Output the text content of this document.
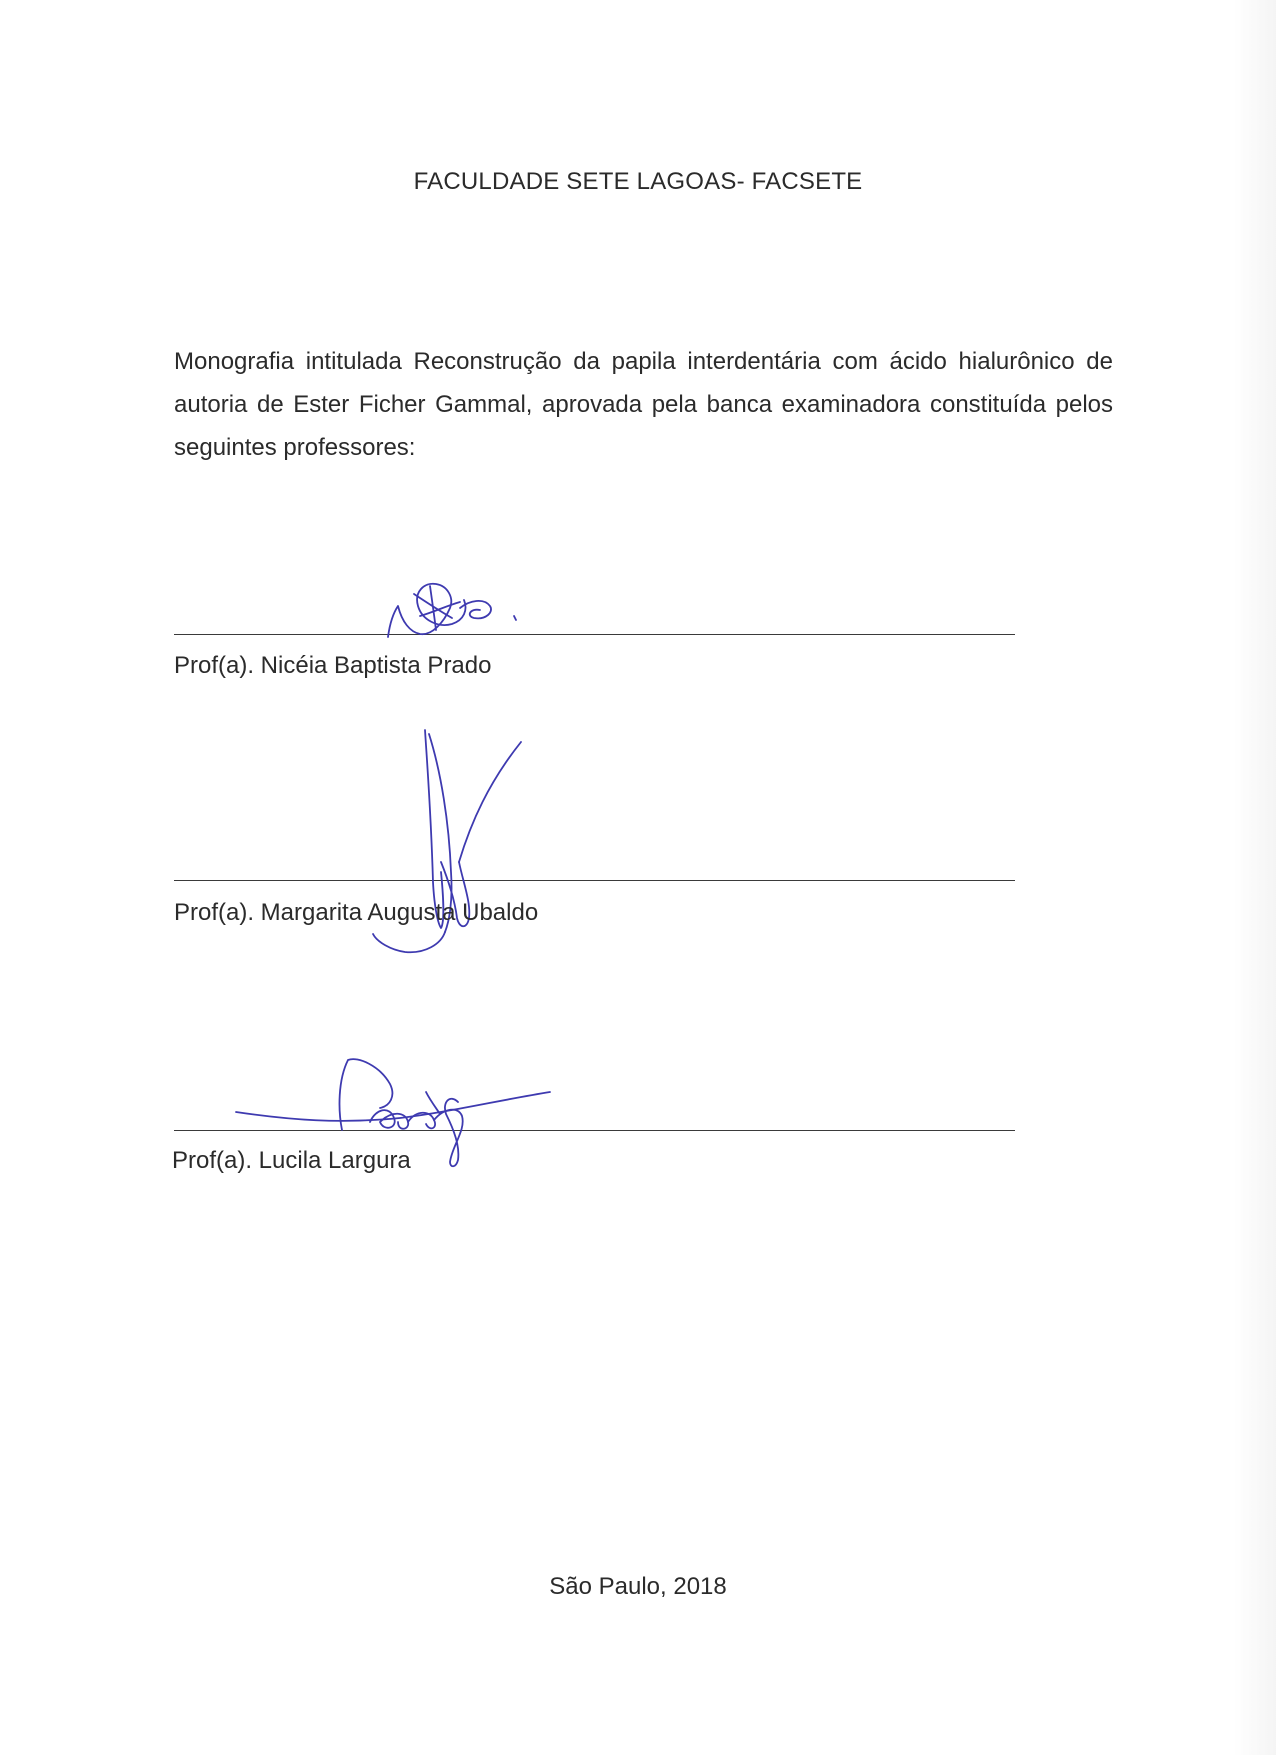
FACULDADE SETE LAGOAS- FACSETE

Monografia intitulada Reconstrução da papila interdentária com ácido hialurônico de autoria de Ester Ficher Gammal, aprovada pela banca examinadora constituída pelos seguintes professores:

Prof(a). Nicéia Baptista Prado

Prof(a). Margarita Augusta Ubaldo

Prof(a). Lucila Largura

São Paulo, 2018
